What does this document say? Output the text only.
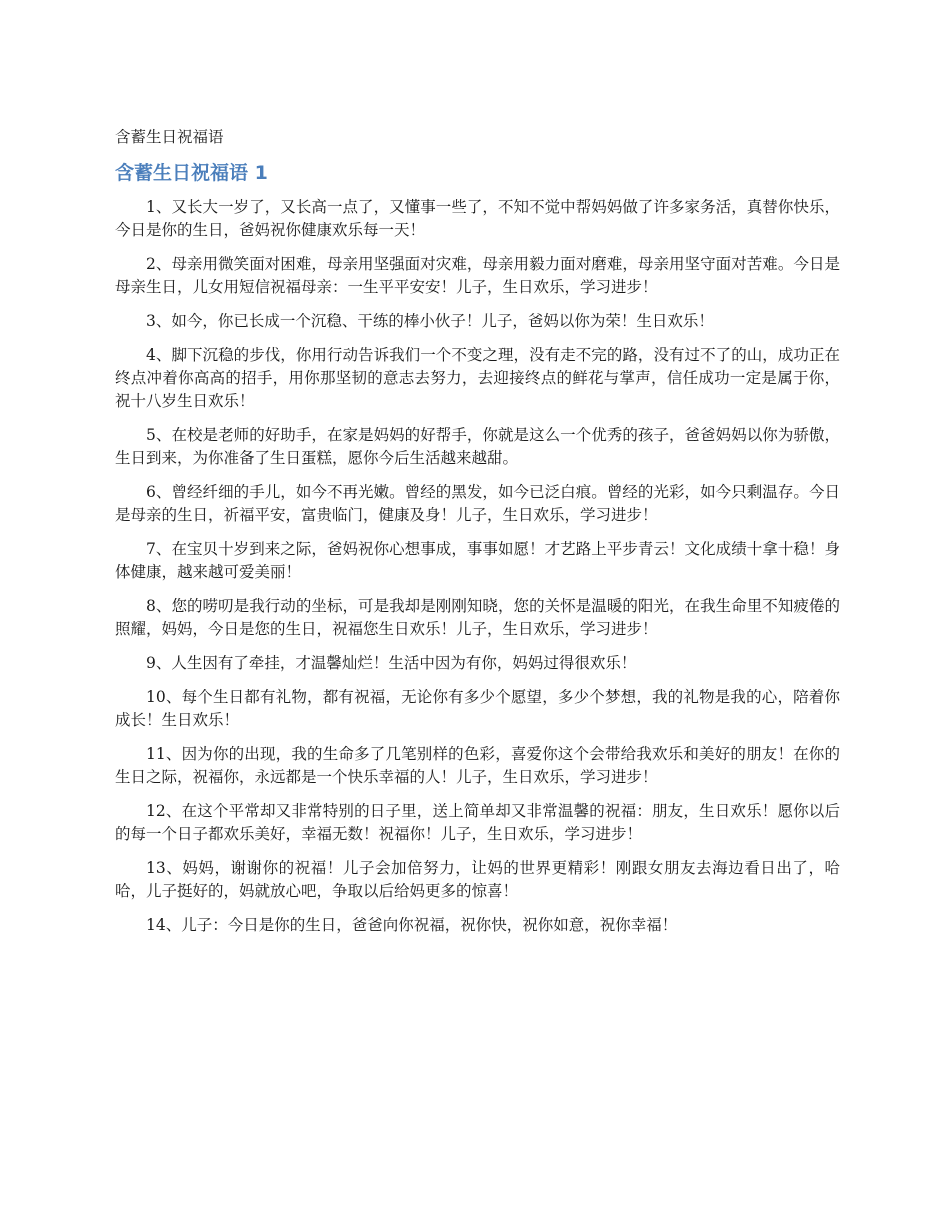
含蓄生日祝福语
含蓄生日祝福语 1

1、又长大一岁了，又长高一点了，又懂事一些了，不知不觉中帮妈妈做了许多家务活，真替你快乐，今日是你的生日，爸妈祝你健康欢乐每一天！

2、母亲用微笑面对困难，母亲用坚强面对灾难，母亲用毅力面对磨难，母亲用坚守面对苦难。今日是母亲生日，儿女用短信祝福母亲：一生平平安安！儿子，生日欢乐，学习进步！

3、如今，你已长成一个沉稳、干练的棒小伙子！儿子，爸妈以你为荣！生日欢乐！

4、脚下沉稳的步伐，你用行动告诉我们一个不变之理，没有走不完的路，没有过不了的山，成功正在终点冲着你高高的招手，用你那坚韧的意志去努力，去迎接终点的鲜花与掌声，信任成功一定是属于你，祝十八岁生日欢乐！

5、在校是老师的好助手，在家是妈妈的好帮手，你就是这么一个优秀的孩子，爸爸妈妈以你为骄傲，生日到来，为你准备了生日蛋糕，愿你今后生活越来越甜。

6、曾经纤细的手儿，如今不再光嫩。曾经的黑发，如今已泛白痕。曾经的光彩，如今只剩温存。今日是母亲的生日，祈福平安，富贵临门，健康及身！儿子，生日欢乐，学习进步！

7、在宝贝十岁到来之际，爸妈祝你心想事成，事事如愿！才艺路上平步青云！文化成绩十拿十稳！身体健康，越来越可爱美丽！

8、您的唠叨是我行动的坐标，可是我却是刚刚知晓，您的关怀是温暖的阳光，在我生命里不知疲倦的照耀，妈妈，今日是您的生日，祝福您生日欢乐！儿子，生日欢乐，学习进步！

9、人生因有了牵挂，才温馨灿烂！生活中因为有你，妈妈过得很欢乐！

10、每个生日都有礼物，都有祝福，无论你有多少个愿望，多少个梦想，我的礼物是我的心，陪着你成长！生日欢乐！

11、因为你的出现，我的生命多了几笔别样的色彩，喜爱你这个会带给我欢乐和美好的朋友！在你的生日之际，祝福你，永远都是一个快乐幸福的人！儿子，生日欢乐，学习进步！

12、在这个平常却又非常特别的日子里，送上简单却又非常温馨的祝福：朋友，生日欢乐！愿你以后的每一个日子都欢乐美好，幸福无数！祝福你！儿子，生日欢乐，学习进步！

13、妈妈，谢谢你的祝福！儿子会加倍努力，让妈的世界更精彩！刚跟女朋友去海边看日出了，哈哈，儿子挺好的，妈就放心吧，争取以后给妈更多的惊喜！

14、儿子：今日是你的生日，爸爸向你祝福，祝你快，祝你如意，祝你幸福！
